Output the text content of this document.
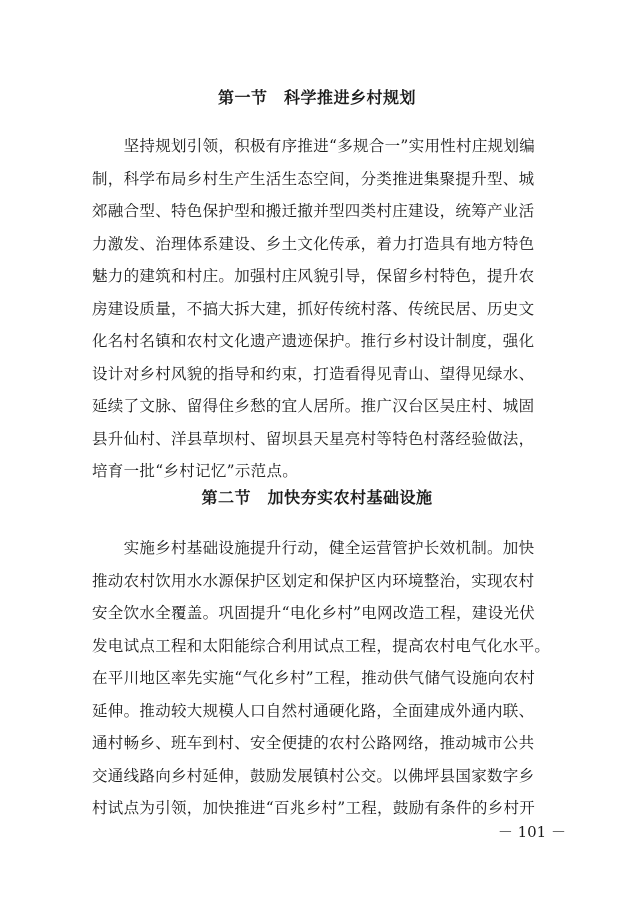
第一节　科学推进乡村规划
　　坚持规划引领，积极有序推进“多规合一”实用性村庄规划编
制，科学布局乡村生产生活生态空间，分类推进集聚提升型、城
郊融合型、特色保护型和搬迁撤并型四类村庄建设，统筹产业活
力激发、治理体系建设、乡土文化传承，着力打造具有地方特色
魅力的建筑和村庄。加强村庄风貌引导，保留乡村特色，提升农
房建设质量，不搞大拆大建，抓好传统村落、传统民居、历史文
化名村名镇和农村文化遗产遗迹保护。推行乡村设计制度，强化
设计对乡村风貌的指导和约束，打造看得见青山、望得见绿水、
延续了文脉、留得住乡愁的宜人居所。推广汉台区吴庄村、城固
县升仙村、洋县草坝村、留坝县天星亮村等特色村落经验做法，
培育一批“乡村记忆”示范点。
第二节　加快夯实农村基础设施
　　实施乡村基础设施提升行动，健全运营管护长效机制。加快
推动农村饮用水水源保护区划定和保护区内环境整治，实现农村
安全饮水全覆盖。巩固提升“电化乡村”电网改造工程，建设光伏
发电试点工程和太阳能综合利用试点工程，提高农村电气化水平。
在平川地区率先实施“气化乡村”工程，推动供气储气设施向农村
延伸。推动较大规模人口自然村通硬化路，全面建成外通内联、
通村畅乡、班车到村、安全便捷的农村公路网络，推动城市公共
交通线路向乡村延伸，鼓励发展镇村公交。以佛坪县国家数字乡
村试点为引领，加快推进“百兆乡村”工程，鼓励有条件的乡村开
－ 101 －
